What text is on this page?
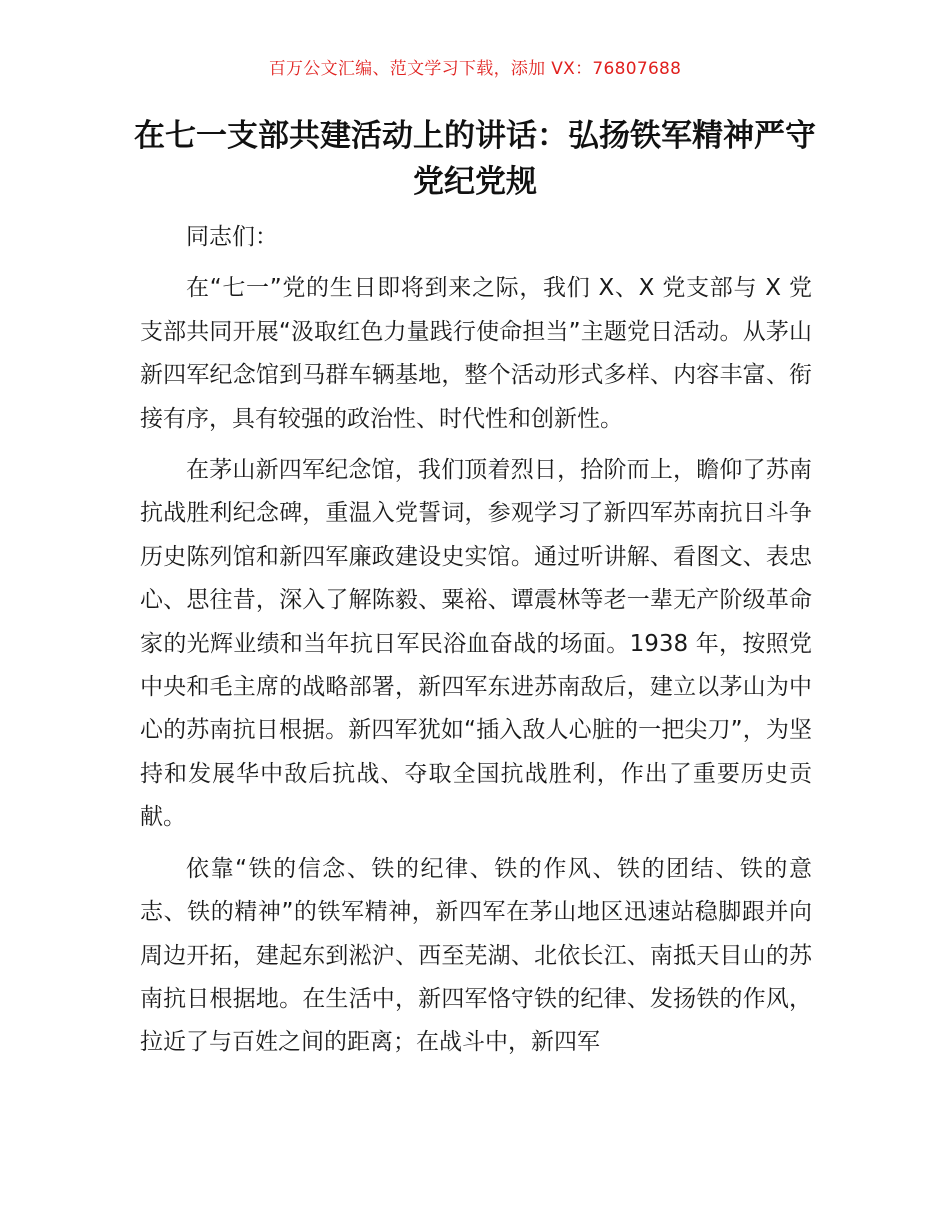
百万公文汇编、范文学习下载，添加 VX：76807688
在七一支部共建活动上的讲话：弘扬铁军精神严守党纪党规

同志们：

在“七一”党的生日即将到来之际，我们 X、X 党支部与 X 党支部共同开展“汲取红色力量践行使命担当”主题党日活动。从茅山新四军纪念馆到马群车辆基地，整个活动形式多样、内容丰富、衔接有序，具有较强的政治性、时代性和创新性。

在茅山新四军纪念馆，我们顶着烈日，拾阶而上，瞻仰了苏南抗战胜利纪念碑，重温入党誓词，参观学习了新四军苏南抗日斗争历史陈列馆和新四军廉政建设史实馆。通过听讲解、看图文、表忠心、思往昔，深入了解陈毅、粟裕、谭震林等老一辈无产阶级革命家的光辉业绩和当年抗日军民浴血奋战的场面。1938 年，按照党中央和毛主席的战略部署，新四军东进苏南敌后，建立以茅山为中心的苏南抗日根据。新四军犹如“插入敌人心脏的一把尖刀”，为坚持和发展华中敌后抗战、夺取全国抗战胜利，作出了重要历史贡献。

依靠“铁的信念、铁的纪律、铁的作风、铁的团结、铁的意志、铁的精神”的铁军精神，新四军在茅山地区迅速站稳脚跟并向周边开拓，建起东到淞沪、西至芜湖、北依长江、南抵天目山的苏南抗日根据地。在生活中，新四军恪守铁的纪律、发扬铁的作风，拉近了与百姓之间的距离；在战斗中，新四军
